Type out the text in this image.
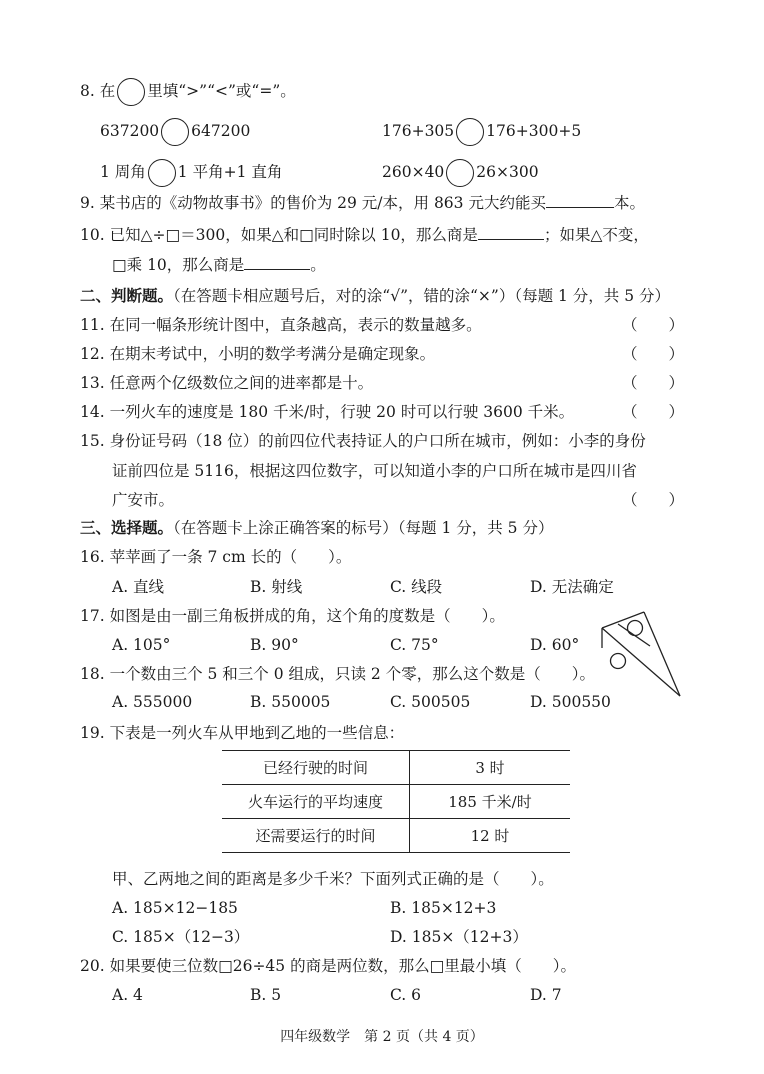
8. 在 里填“>”“<”或“=”。
637200 647200	176+305 176+300+5
1 周角 1 平角+1 直角	260×40 26×300
9. 某书店的《动物故事书》的售价为 29 元/本，用 863 元大约能买	本。
10. 已知△÷□＝300，如果△和□同时除以 10，那么商是	；如果△不变，
□乘 10，那么商是	。
二、判断题。（在答题卡相应题号后，对的涂“√”，错的涂“×”）（每题 1 分，共 5 分）
11. 在同一幅条形统计图中，直条越高，表示的数量越多。	（　　）
12. 在期末考试中，小明的数学考满分是确定现象。	（　　）
13. 任意两个亿级数位之间的进率都是十。	（　　）
14. 一列火车的速度是 180 千米/时，行驶 20 时可以行驶 3600 千米。	（　　）
15. 身份证号码（18 位）的前四位代表持证人的户口所在城市，例如：小李的身份
证前四位是 5116，根据这四位数字，可以知道小李的户口所在城市是四川省
广安市。	（　　）
三、选择题。（在答题卡上涂正确答案的标号）（每题 1 分，共 5 分）
16. 苹苹画了一条 7 cm 长的（　　）。
A. 直线	B. 射线	C. 线段	D. 无法确定
17. 如图是由一副三角板拼成的角，这个角的度数是（　　）。
A. 105°	B. 90°	C. 75°	D. 60°
18. 一个数由三个 5 和三个 0 组成，只读 2 个零，那么这个数是（　　）。
A. 555000	B. 550005	C. 500505	D. 500550
19. 下表是一列火车从甲地到乙地的一些信息：
已经行驶的时间	3 时
火车运行的平均速度	185 千米/时
还需要运行的时间	12 时
甲、乙两地之间的距离是多少千米？下面列式正确的是（　　）。
A. 185×12−185	B. 185×12+3
C. 185×（12−3）	D. 185×（12+3）
20. 如果要使三位数□26÷45 的商是两位数，那么□里最小填（　　）。
A. 4	B. 5	C. 6	D. 7
四年级数学　第 2 页（共 4 页）
